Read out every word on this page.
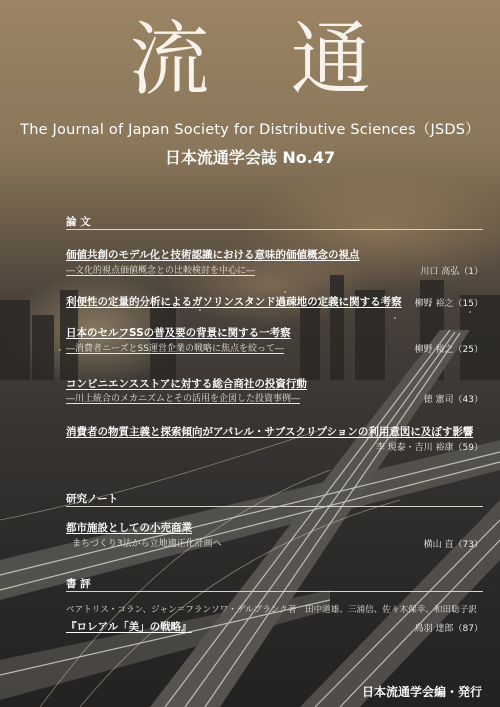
流 通
The Journal of Japan Society for Distributive Sciences（JSDS）
日本流通学会誌 No.47
論 文
価値共創のモデル化と技術認識における意味的価値概念の視点
―文化的視点価値概念との比較検討を中心に―	川口 高弘（1）
利便性の定量的分析によるガソリンスタンド過疎地の定義に関する考察 柳野 裕之（15）
日本のセルフSSの普及要の背景に関する一考察
―消費者ニーズとSS運営企業の戦略に焦点を絞って―	柳野 裕之（25）
コンビニエンスストアに対する総合商社の投資行動
―川上統合のメカニズムとその活用を企図した投資事例―	徳 憲司（43）
消費者の物質主義と探索傾向がアパレル・サブスクリプションの利用意図に及ぼす影響
李 現泰・吉川 裕康（59）
研究ノート
都市施設としての小売商業
まちづくり3法から立地適正化計画へ	横山 直（73）
書 評
ベアトリス・コラン、ジャン＝フランソワ・デルブランク著　田中道雄、三浦信、佐々木保幸、和田聡子訳
『ロレアル「美」の戦略』	鳥羽 達郎（87）
日本流通学会編・発行
